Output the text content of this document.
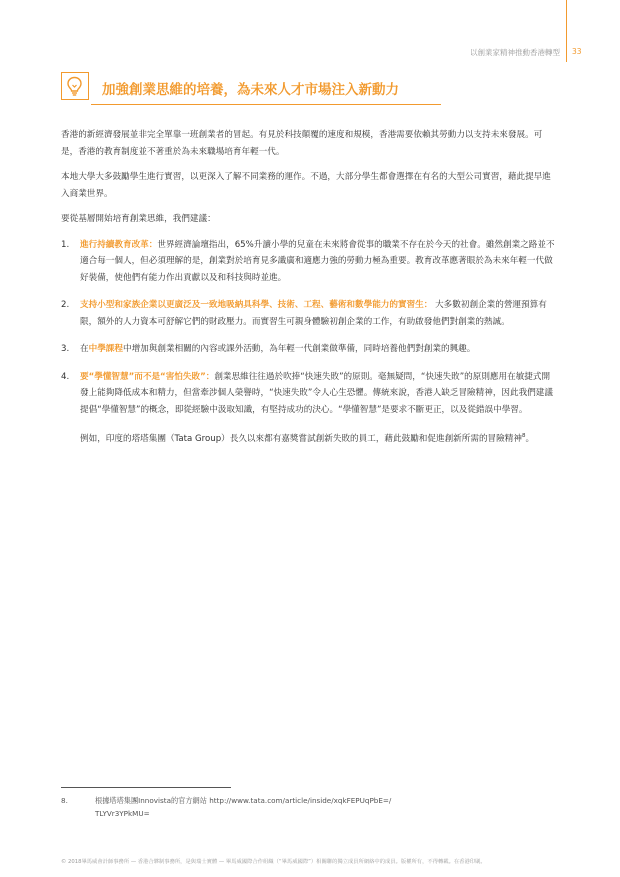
以創業家精神推動香港轉型 33
加強創業思維的培養，為未來人才市場注入新動力

香港的新經濟發展並非完全單靠一班創業者的冒起。有見於科技顛覆的速度和規模，香港需要依賴其勞動力以支持未來發展。可是，香港的教育制度並不著重於為未來職場培育年輕一代。

本地大學大多鼓勵學生進行實習，以更深入了解不同業務的運作。不過，大部分學生都會選擇在有名的大型公司實習，藉此提早進入商業世界。

要從基層開始培育創業思維，我們建議：

1. 進行持續教育改革：世界經濟論壇指出，65%升讀小學的兒童在未來將會從事的職業不存在於今天的社會。雖然創業之路並不適合每一個人，但必須理解的是，創業對於培育見多識廣和適應力強的勞動力極為重要。教育改革應著眼於為未來年輕一代做好裝備，使他們有能力作出貢獻以及和科技與時並進。
2. 支持小型和家族企業以更廣泛及一致地吸納具科學、技術、工程、藝術和數學能力的實習生： 大多數初創企業的營運預算有限，額外的人力資本可舒解它們的財政壓力。而實習生可親身體驗初創企業的工作，有助啟發他們對創業的熱誠。
3. 在中學課程中增加與創業相關的內容或課外活動，為年輕一代創業做準備，同時培養他們對創業的興趣。
4. 要“學懂智慧”而不是“害怕失敗”：創業思維往往過於吹捧“快速失敗”的原則。毫無疑問，“快速失敗”的原則應用在敏捷式開發上能夠降低成本和精力，但當牽涉個人榮譽時，“快速失敗”令人心生恐懼。傳統來說，香港人缺乏冒險精神，因此我們建議提倡“學懂智慧”的概念，即從經驗中汲取知識，有堅持成功的決心。“學懂智慧”是要求不斷更正，以及從錯誤中學習。
例如，印度的塔塔集團（Tata Group）長久以來都有嘉獎嘗試創新失敗的員工，藉此鼓勵和促進創新所需的冒險精神$^8$。
8.	根據塔塔集團Innovista的官方網站 http://www.tata.com/article/inside/xqkFEPUqPbE=/
TLYVr3YPkMU=
© 2018畢馬威會計師事務所 — 香港合夥制事務所，是與瑞士實體 — 畢馬威國際合作組織（“畢馬威國際”）相關聯的獨立成員所網絡中的成員。版權所有，不得轉載。在香港印刷。
